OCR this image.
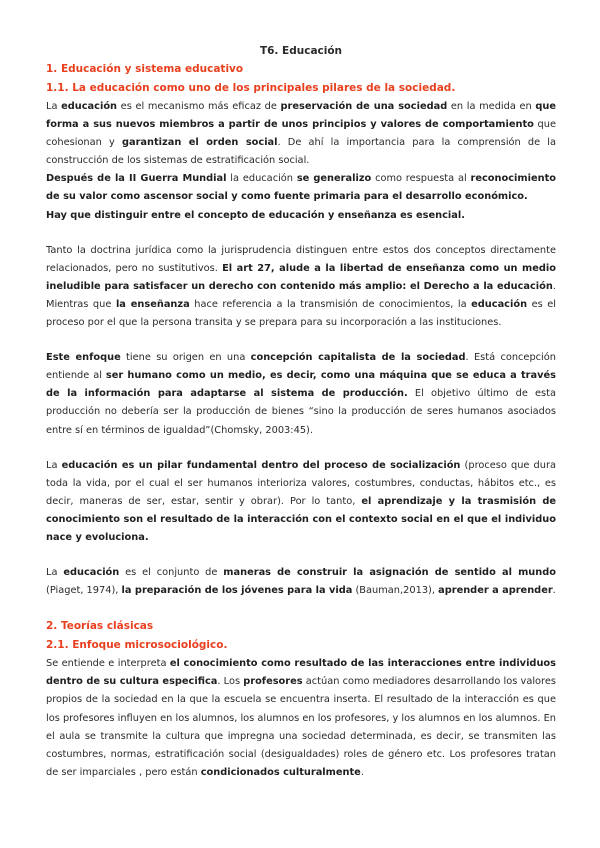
T6. Educación
1. Educación y sistema educativo
1.1. La educación como uno de los principales pilares de la sociedad.

La educación es el mecanismo más eficaz de preservación de una sociedad en la medida en que forma a sus nuevos miembros a partir de unos principios y valores de comportamiento que cohesionan y garantizan el orden social. De ahí la importancia para la comprensión de la construcción de los sistemas de estratificación social.

Después de la II Guerra Mundial la educación se generalizo como respuesta al reconocimiento de su valor como ascensor social y como fuente primaria para el desarrollo económico.

Hay que distinguir entre el concepto de educación y enseñanza es esencial.

Tanto la doctrina jurídica como la jurisprudencia distinguen entre estos dos conceptos directamente relacionados, pero no sustitutivos. El art 27, alude a la libertad de enseñanza como un medio ineludible para satisfacer un derecho con contenido más amplio: el Derecho a la educación. Mientras que la enseñanza hace referencia a la transmisión de conocimientos, la educación es el proceso por el que la persona transita y se prepara para su incorporación a las instituciones.

Este enfoque tiene su origen en una concepción capitalista de la sociedad. Está concepción entiende al ser humano como un medio, es decir, como una máquina que se educa a través de la información para adaptarse al sistema de producción. El objetivo último de esta producción no debería ser la producción de bienes “sino la producción de seres humanos asociados entre sí en términos de igualdad”(Chomsky, 2003:45).

La educación es un pilar fundamental dentro del proceso de socialización (proceso que dura toda la vida, por el cual el ser humanos interioriza valores, costumbres, conductas, hábitos etc., es decir, maneras de ser, estar, sentir y obrar). Por lo tanto, el aprendizaje y la trasmisión de conocimiento son el resultado de la interacción con el contexto social en el que el individuo nace y evoluciona.

La educación es el conjunto de maneras de construir la asignación de sentido al mundo (Piaget, 1974), la preparación de los jóvenes para la vida (Bauman,2013), aprender a aprender.

2. Teorías clásicas
2.1. Enfoque microsociológico.

Se entiende e interpreta el conocimiento como resultado de las interacciones entre individuos dentro de su cultura especifica. Los profesores actúan como mediadores desarrollando los valores propios de la sociedad en la que la escuela se encuentra inserta. El resultado de la interacción es que los profesores influyen en los alumnos, los alumnos en los profesores, y los alumnos en los alumnos. En el aula se transmite la cultura que impregna una sociedad determinada, es decir, se transmiten las costumbres, normas, estratificación social (desigualdades) roles de género etc. Los profesores tratan de ser imparciales , pero están condicionados culturalmente.
